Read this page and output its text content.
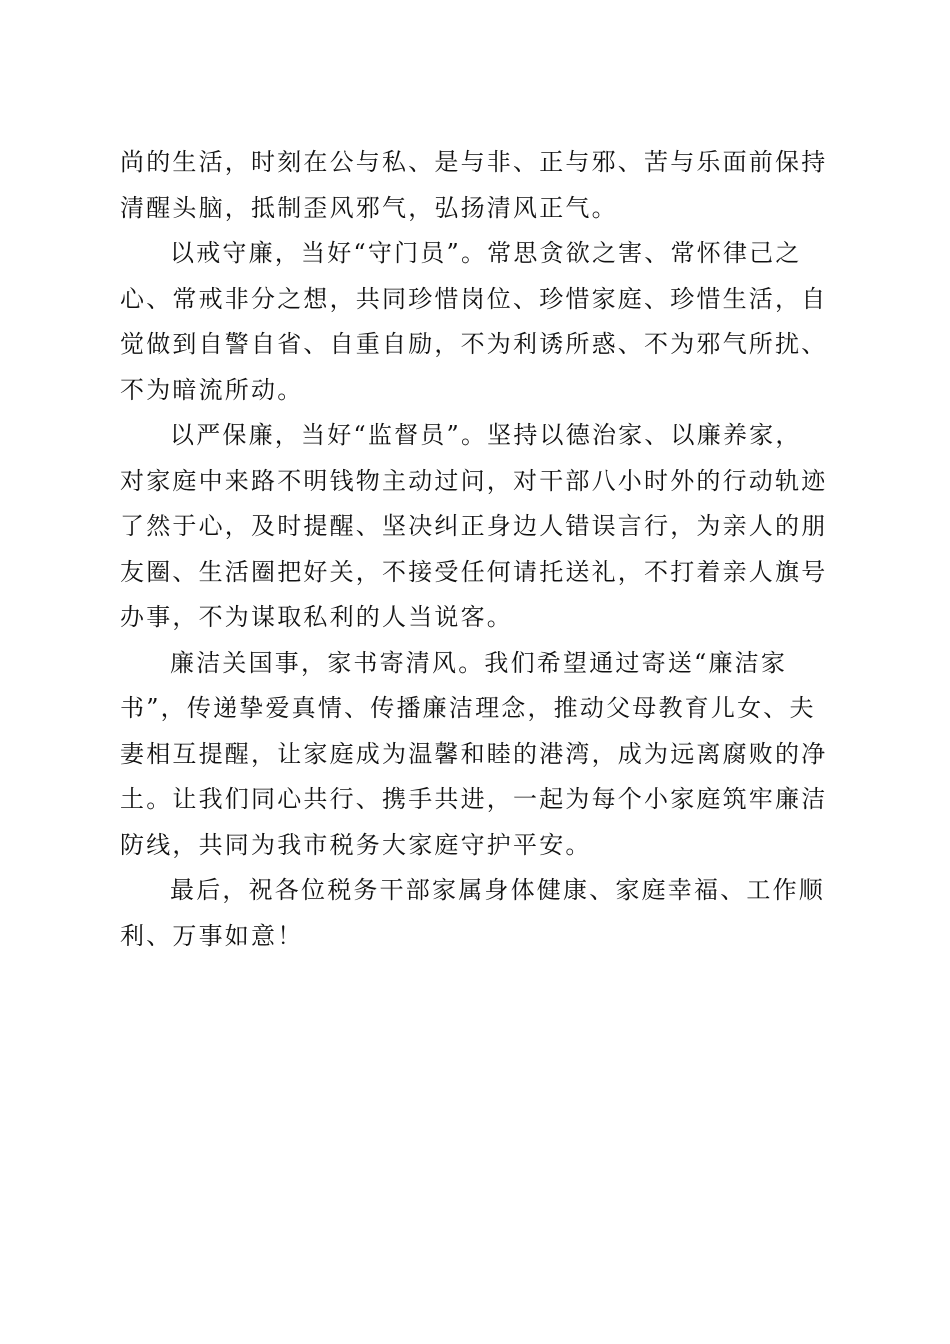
尚的生活，时刻在公与私、是与非、正与邪、苦与乐面前保持
清醒头脑，抵制歪风邪气，弘扬清风正气。
以戒守廉，当好“守门员”。常思贪欲之害、常怀律己之
心、常戒非分之想，共同珍惜岗位、珍惜家庭、珍惜生活，自
觉做到自警自省、自重自励，不为利诱所惑、不为邪气所扰、
不为暗流所动。
以严保廉，当好“监督员”。坚持以德治家、以廉养家，
对家庭中来路不明钱物主动过问，对干部八小时外的行动轨迹
了然于心，及时提醒、坚决纠正身边人错误言行，为亲人的朋
友圈、生活圈把好关，不接受任何请托送礼，不打着亲人旗号
办事，不为谋取私利的人当说客。
廉洁关国事，家书寄清风。我们希望通过寄送“廉洁家
书”，传递挚爱真情、传播廉洁理念，推动父母教育儿女、夫
妻相互提醒，让家庭成为温馨和睦的港湾，成为远离腐败的净
土。让我们同心共行、携手共进，一起为每个小家庭筑牢廉洁
防线，共同为我市税务大家庭守护平安。
最后，祝各位税务干部家属身体健康、家庭幸福、工作顺
利、万事如意！
